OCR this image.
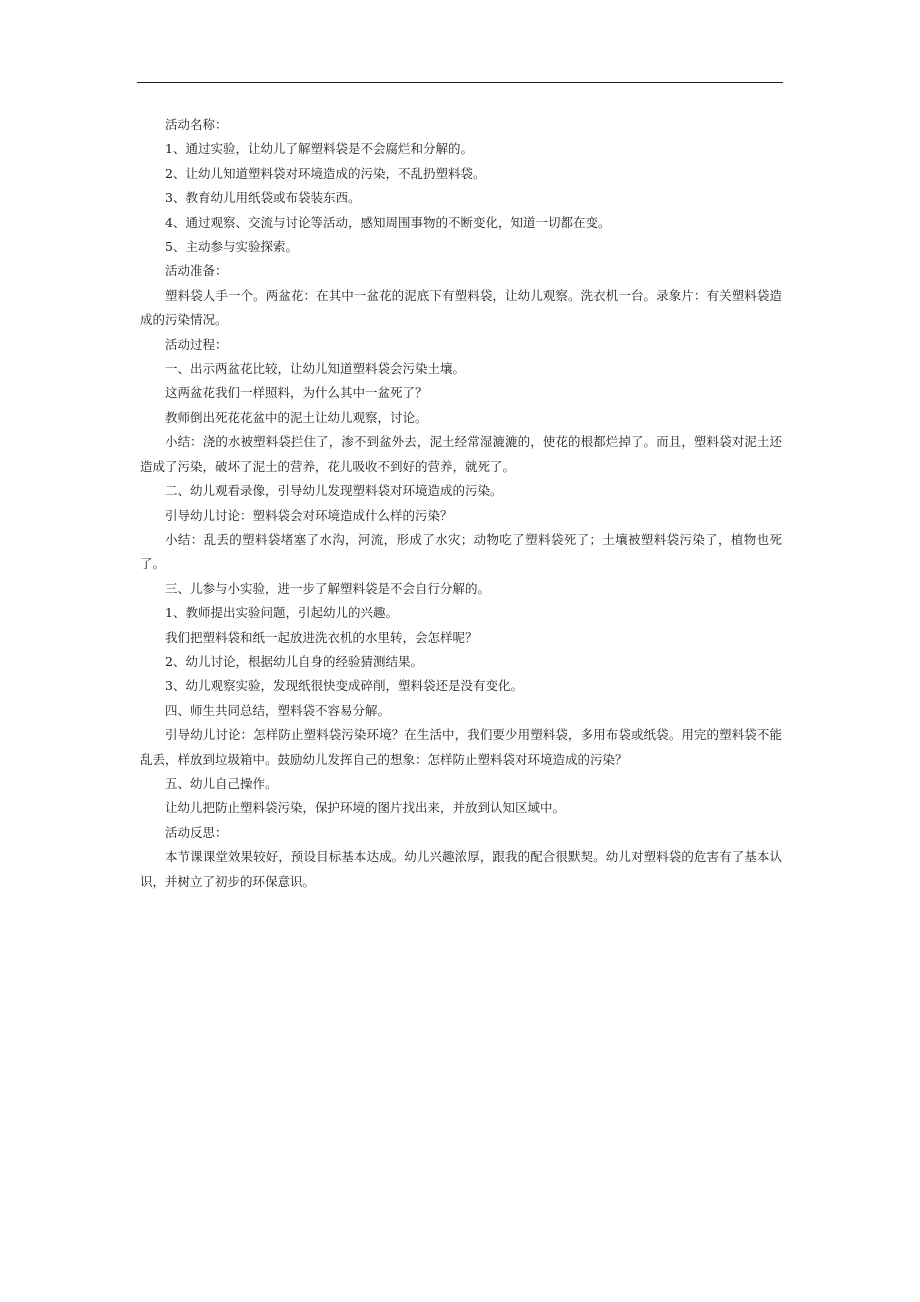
活动名称：

1、通过实验，让幼儿了解塑料袋是不会腐烂和分解的。

2、让幼儿知道塑料袋对环境造成的污染，不乱扔塑料袋。

3、教育幼儿用纸袋或布袋装东西。

4、通过观察、交流与讨论等活动，感知周围事物的不断变化，知道一切都在变。

5、主动参与实验探索。

活动准备：

塑料袋人手一个。两盆花：在其中一盆花的泥底下有塑料袋，让幼儿观察。洗衣机一台。录象片：有关塑料袋造成的污染情况。

活动过程：

一、出示两盆花比较，让幼儿知道塑料袋会污染土壤。

这两盆花我们一样照料，为什么其中一盆死了？

教师倒出死花花盆中的泥土让幼儿观察，讨论。

小结：浇的水被塑料袋拦住了，渗不到盆外去，泥土经常湿漉漉的，使花的根都烂掉了。而且，塑料袋对泥土还造成了污染，破坏了泥土的营养，花儿吸收不到好的营养，就死了。

二、幼儿观看录像，引导幼儿发现塑料袋对环境造成的污染。

引导幼儿讨论：塑料袋会对环境造成什么样的污染？

小结：乱丢的塑料袋堵塞了水沟，河流，形成了水灾；动物吃了塑料袋死了；土壤被塑料袋污染了，植物也死了。

三、儿参与小实验，进一步了解塑料袋是不会自行分解的。

1、教师提出实验问题，引起幼儿的兴趣。

我们把塑料袋和纸一起放进洗衣机的水里转，会怎样呢？

2、幼儿讨论，根据幼儿自身的经验猜测结果。

3、幼儿观察实验，发现纸很快变成碎削，塑料袋还是没有变化。

四、师生共同总结，塑料袋不容易分解。

引导幼儿讨论：怎样防止塑料袋污染环境？在生活中，我们要少用塑料袋，多用布袋或纸袋。用完的塑料袋不能乱丢，样放到垃圾箱中。鼓励幼儿发挥自己的想象：怎样防止塑料袋对环境造成的污染？

五、幼儿自己操作。

让幼儿把防止塑料袋污染，保护环境的图片找出来，并放到认知区域中。

活动反思：

本节课课堂效果较好，预设目标基本达成。幼儿兴趣浓厚，跟我的配合很默契。幼儿对塑料袋的危害有了基本认识，并树立了初步的环保意识。
